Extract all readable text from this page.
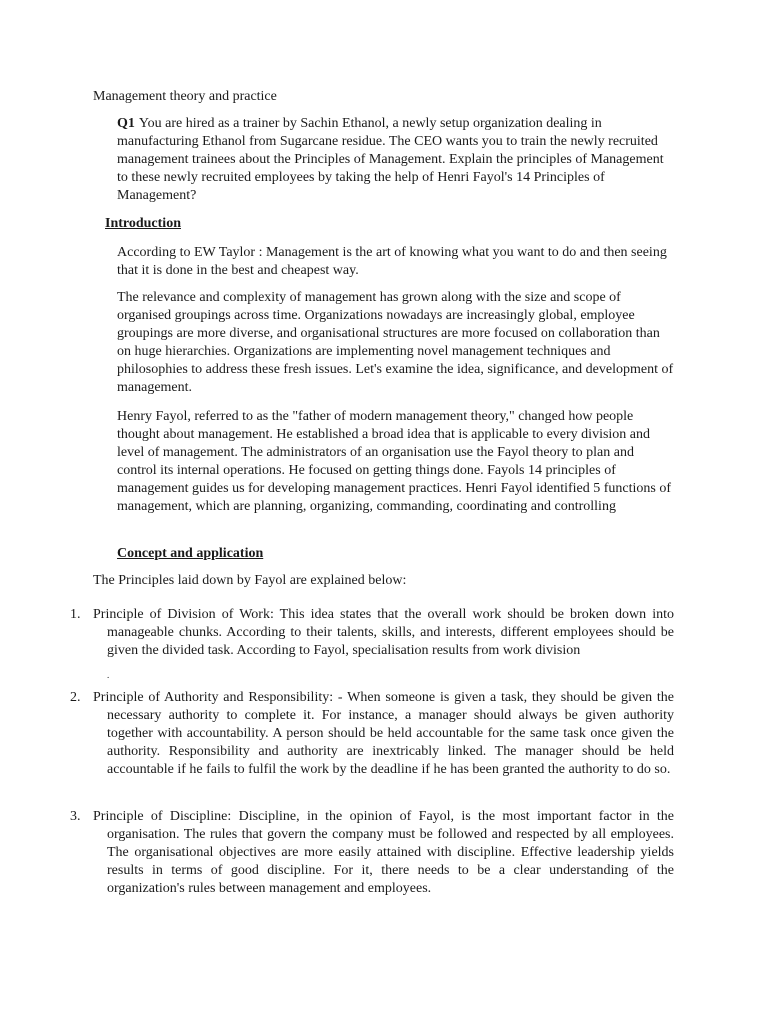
Management theory and practice
Q1 You are hired as a trainer by Sachin Ethanol, a newly setup organization dealing in manufacturing Ethanol from Sugarcane residue. The CEO wants you to train the newly recruited management trainees about the Principles of Management. Explain the principles of Management to these newly recruited employees by taking the help of Henri Fayol's 14 Principles of Management?
Introduction

According to EW Taylor : Management is the art of knowing what you want to do and then seeing that it is done in the best and cheapest way.

The relevance and complexity of management has grown along with the size and scope of organised groupings across time. Organizations nowadays are increasingly global, employee groupings are more diverse, and organisational structures are more focused on collaboration than on huge hierarchies. Organizations are implementing novel management techniques and philosophies to address these fresh issues. Let's examine the idea, significance, and development of management.

Henry Fayol, referred to as the "father of modern management theory," changed how people thought about management. He established a broad idea that is applicable to every division and level of management. The administrators of an organisation use the Fayol theory to plan and control its internal operations. He focused on getting things done. Fayols 14 principles of management guides us for developing management practices. Henri Fayol identified 5 functions of management, which are planning, organizing, commanding, coordinating and controlling

Concept and application
The Principles laid down by Fayol are explained below:
1. Principle of Division of Work: This idea states that the overall work should be broken down into manageable chunks. According to their talents, skills, and interests, different employees should be given the divided task. According to Fayol, specialisation results from work division
.
2. Principle of Authority and Responsibility: - When someone is given a task, they should be given the necessary authority to complete it. For instance, a manager should always be given authority together with accountability. A person should be held accountable for the same task once given the authority. Responsibility and authority are inextricably linked. The manager should be held accountable if he fails to fulfil the work by the deadline if he has been granted the authority to do so.
3. Principle of Discipline: Discipline, in the opinion of Fayol, is the most important factor in the organisation. The rules that govern the company must be followed and respected by all employees. The organisational objectives are more easily attained with discipline. Effective leadership yields results in terms of good discipline. For it, there needs to be a clear understanding of the organization's rules between management and employees.
